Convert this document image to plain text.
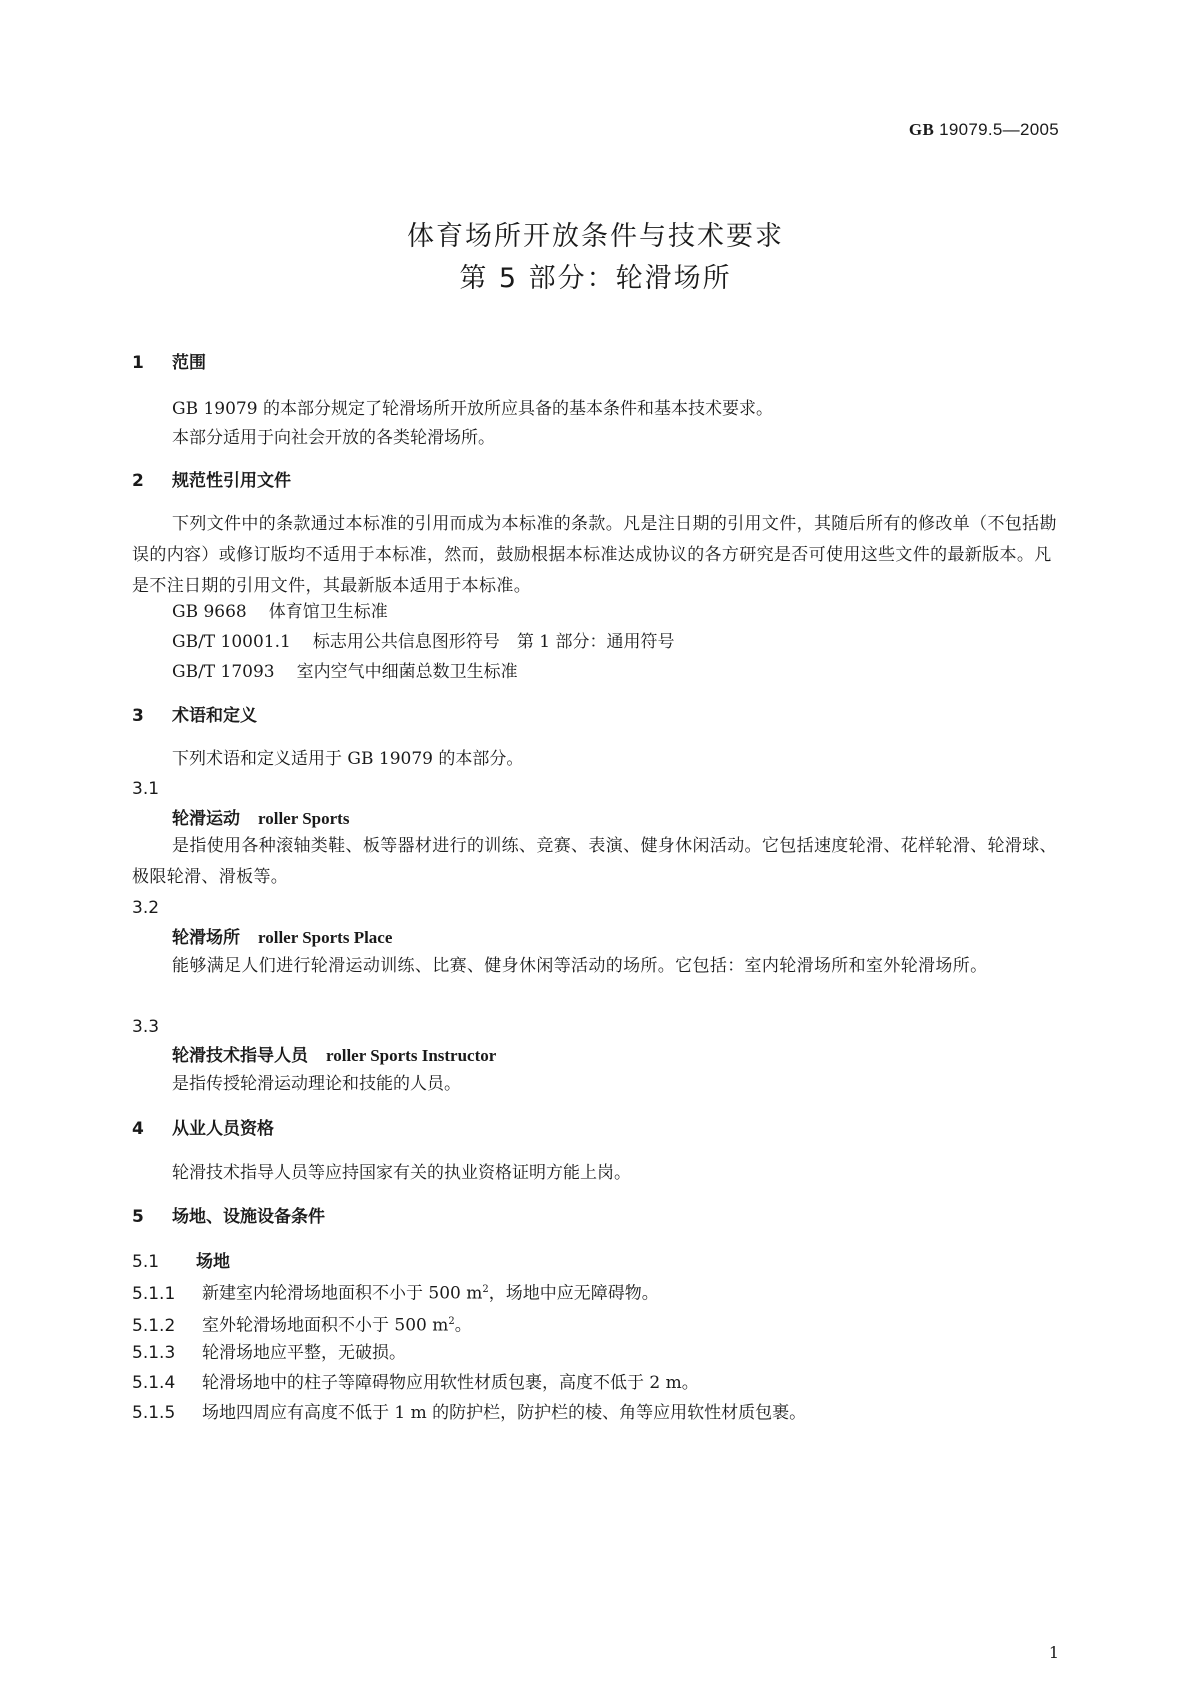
GB 19079.5—2005
体育场所开放条件与技术要求
第 5 部分：轮滑场所
1 范围
GB 19079 的本部分规定了轮滑场所开放所应具备的基本条件和基本技术要求。
本部分适用于向社会开放的各类轮滑场所。
2 规范性引用文件
下列文件中的条款通过本标准的引用而成为本标准的条款。凡是注日期的引用文件，其随后所有的修改单（不包括勘误的内容）或修订版均不适用于本标准，然而，鼓励根据本标准达成协议的各方研究是否可使用这些文件的最新版本。凡是不注日期的引用文件，其最新版本适用于本标准。
GB 9668 体育馆卫生标准
GB/T 10001.1 标志用公共信息图形符号　第 1 部分：通用符号
GB/T 17093 室内空气中细菌总数卫生标准
3 术语和定义
下列术语和定义适用于 GB 19079 的本部分。
3.1
轮滑运动 roller Sports
是指使用各种滚轴类鞋、板等器材进行的训练、竞赛、表演、健身休闲活动。它包括速度轮滑、花样轮滑、轮滑球、极限轮滑、滑板等。
3.2
轮滑场所 roller Sports Place
能够满足人们进行轮滑运动训练、比赛、健身休闲等活动的场所。它包括：室内轮滑场所和室外轮滑场所。
3.3
轮滑技术指导人员 roller Sports Instructor
是指传授轮滑运动理论和技能的人员。
4 从业人员资格
轮滑技术指导人员等应持国家有关的执业资格证明方能上岗。
5 场地、设施设备条件
5.1 场地
5.1.1 新建室内轮滑场地面积不小于 500 $m^2$，场地中应无障碍物。
5.1.2 室外轮滑场地面积不小于 500 $m^2$。
5.1.3 轮滑场地应平整，无破损。
5.1.4 轮滑场地中的柱子等障碍物应用软性材质包裹，高度不低于 2 m。
5.1.5 场地四周应有高度不低于 1 m 的防护栏，防护栏的棱、角等应用软性材质包裹。
1
